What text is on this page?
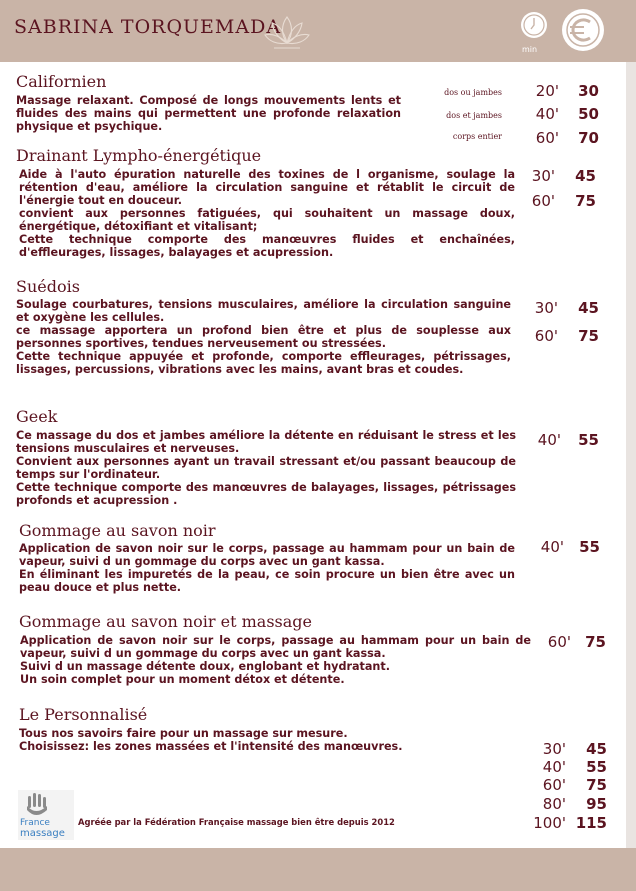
SABRINA TORQUEMADA
min
Californien

Massage relaxant. Composé de longs mouvements lents et fluides des mains qui permettent une profonde relaxation physique et psychique.

dos ou jambes	20'	30
dos et jambes	40'	50
corps entier	60'	70
Drainant Lympho-énergétique

Aide à l'auto épuration naturelle des toxines de l organisme, soulage la rétention d'eau, améliore la circulation sanguine et rétablit le circuit de l'énergie tout en douceur.

convient aux personnes fatiguées, qui souhaitent un massage doux, énergétique, détoxifiant et vitalisant;

Cette technique comporte des manœuvres fluides et enchaînées, d'effleurages, lissages, balayages et acupression.

30'	45
60'	75
Suédois

Soulage courbatures, tensions musculaires, améliore la circulation sanguine et oxygène les cellules.

ce massage apportera un profond bien être et plus de souplesse aux personnes sportives, tendues nerveusement ou stressées.

Cette technique appuyée et profonde, comporte effleurages, pétrissages, lissages, percussions, vibrations avec les mains, avant bras et coudes.

30'	45
60'	75
Geek

Ce massage du dos et jambes améliore la détente en réduisant le stress et les tensions musculaires et nerveuses.

Convient aux personnes ayant un travail stressant et/ou passant beaucoup de temps sur l'ordinateur.

Cette technique comporte des manœuvres de balayages, lissages, pétrissages profonds et acupression .

40'	55
Gommage au savon noir

Application de savon noir sur le corps, passage au hammam pour un bain de vapeur, suivi d un gommage du corps avec un gant kassa.

En éliminant les impuretés de la peau, ce soin procure un bien être avec un peau douce et plus nette.

40'	55
Gommage au savon noir et massage

Application de savon noir sur le corps, passage au hammam pour un bain de vapeur, suivi d un gommage du corps avec un gant kassa.

Suivi d un massage détente doux, englobant et hydratant.

Un soin complet pour un moment détox et détente.

60' 75
Le Personnalisé

Tous nos savoirs faire pour un massage sur mesure.

Choisissez: les zones massées et l'intensité des manœuvres.	30'	45
40'	55
60'	75
80'	95
100' 115
France
massage
Agréée par la Fédération Française massage bien être depuis 2012
